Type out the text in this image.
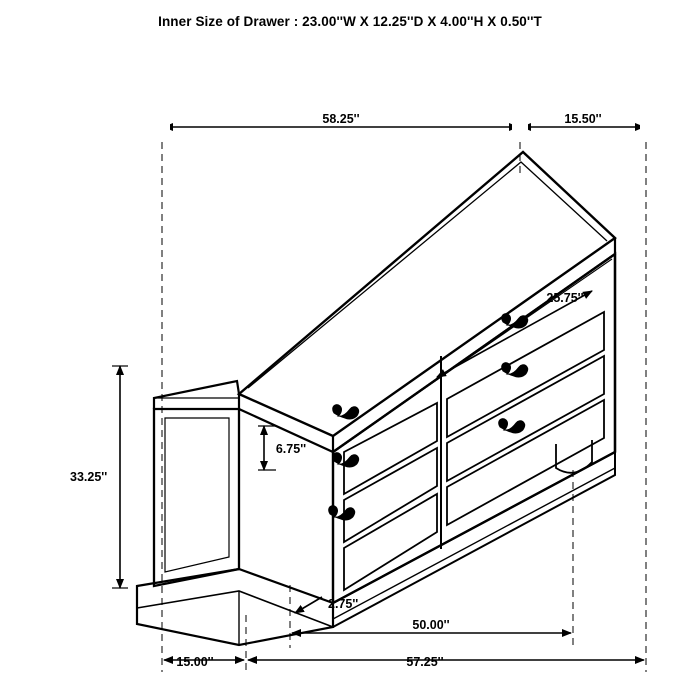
Inner Size of Drawer : 23.00''W X 12.25''D X 4.00''H X 0.50''T
58.25''	15.50''
25.75''
6.75''
33.25''
2.75''
50.00''
15.00''	57.25''
